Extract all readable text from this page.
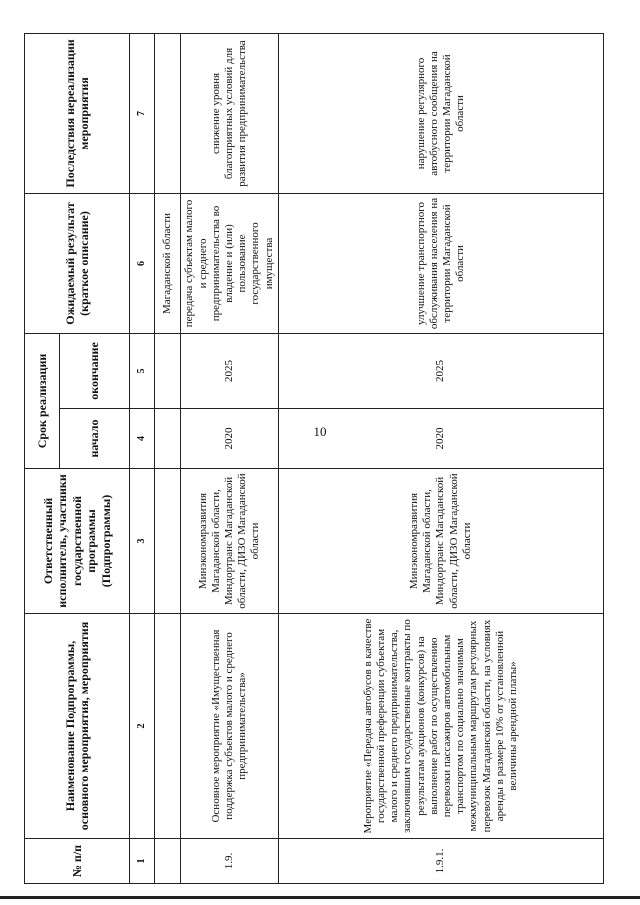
10
№ п/п	Наименование Подпрограммы, основного мероприятия, мероприятия	Ответственный исполнитель, участники государственной программы (Подпрограммы)	Срок реализации		Ожидаемый результат (краткое описание)	Последствия нереализации мероприятия
			начало	окончание		
1	2	3	4	5	6	7
					Магаданской области	
1.9.	Основное мероприятие «Имущественная поддержка субъектов малого и среднего предпринимательства»	Минэкономразвития Магаданской области, Миндортранс Магаданской области, ДИЗО Магаданской области	2020	2025	передача субъектам малого и среднего предпринимательства во владение и (или) пользование государственного имущества	снижение уровня благоприятных условий для развития предпринимательства
1.9.1.	Мероприятие «Передача автобусов в качестве государственной преференции субъектам малого и среднего предпринимательства, заключившим государственные контракты по результатам аукционов (конкурсов) на выполнение работ по осуществлению перевозки пассажиров автомобильным транспортом по социально значимым межмуниципальным маршрутам регулярных перевозок Магаданской области, на условиях аренды в размере 10% от установленной величины арендной платы»	Минэкономразвития Магаданской области, Миндортранс Магаданской области, ДИЗО Магаданской области	2020	2025	улучшение транспортного обслуживания населения на территории Магаданской области	нарушение регулярного автобусного сообщения на территории Магаданской области
